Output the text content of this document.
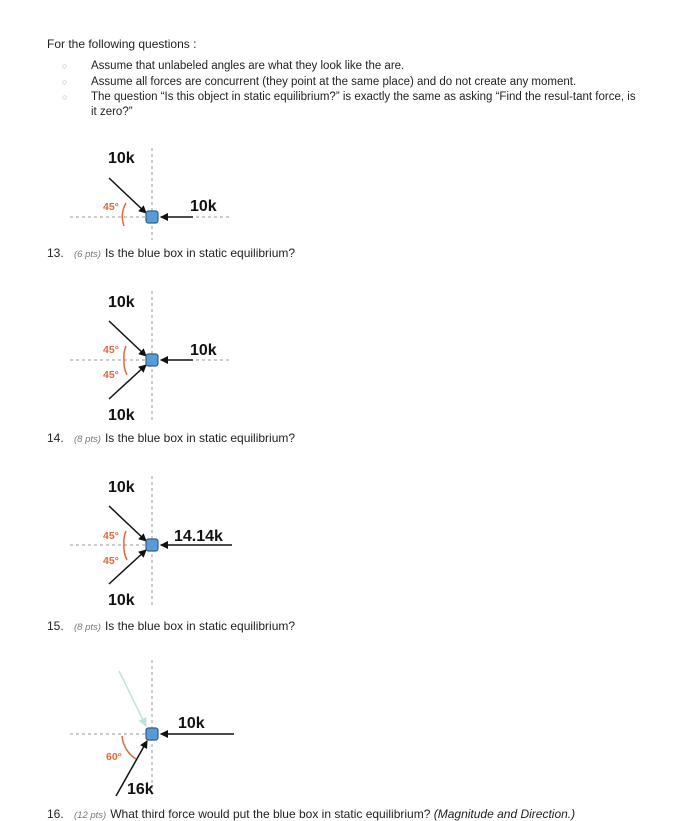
For the following questions :
○ Assume that unlabeled angles are what they look like the are.
○ Assume all forces are concurrent (they point at the same place) and do not create any moment.
○ The question “Is this object in static equilibrium?” is exactly the same as asking “Find the resul-tant force, is it zero?”
10k
10k
45°
13. (6 pts) Is the blue box in static equilibrium?
10k
10k
10k
45°
45°
14. (8 pts) Is the blue box in static equilibrium?
10k
14.14k
10k
45°
45°
15. (8 pts) Is the blue box in static equilibrium?
10k
16k
60°
16. (12 pts) What third force would put the blue box in static equilibrium? (Magnitude and Direction.)
